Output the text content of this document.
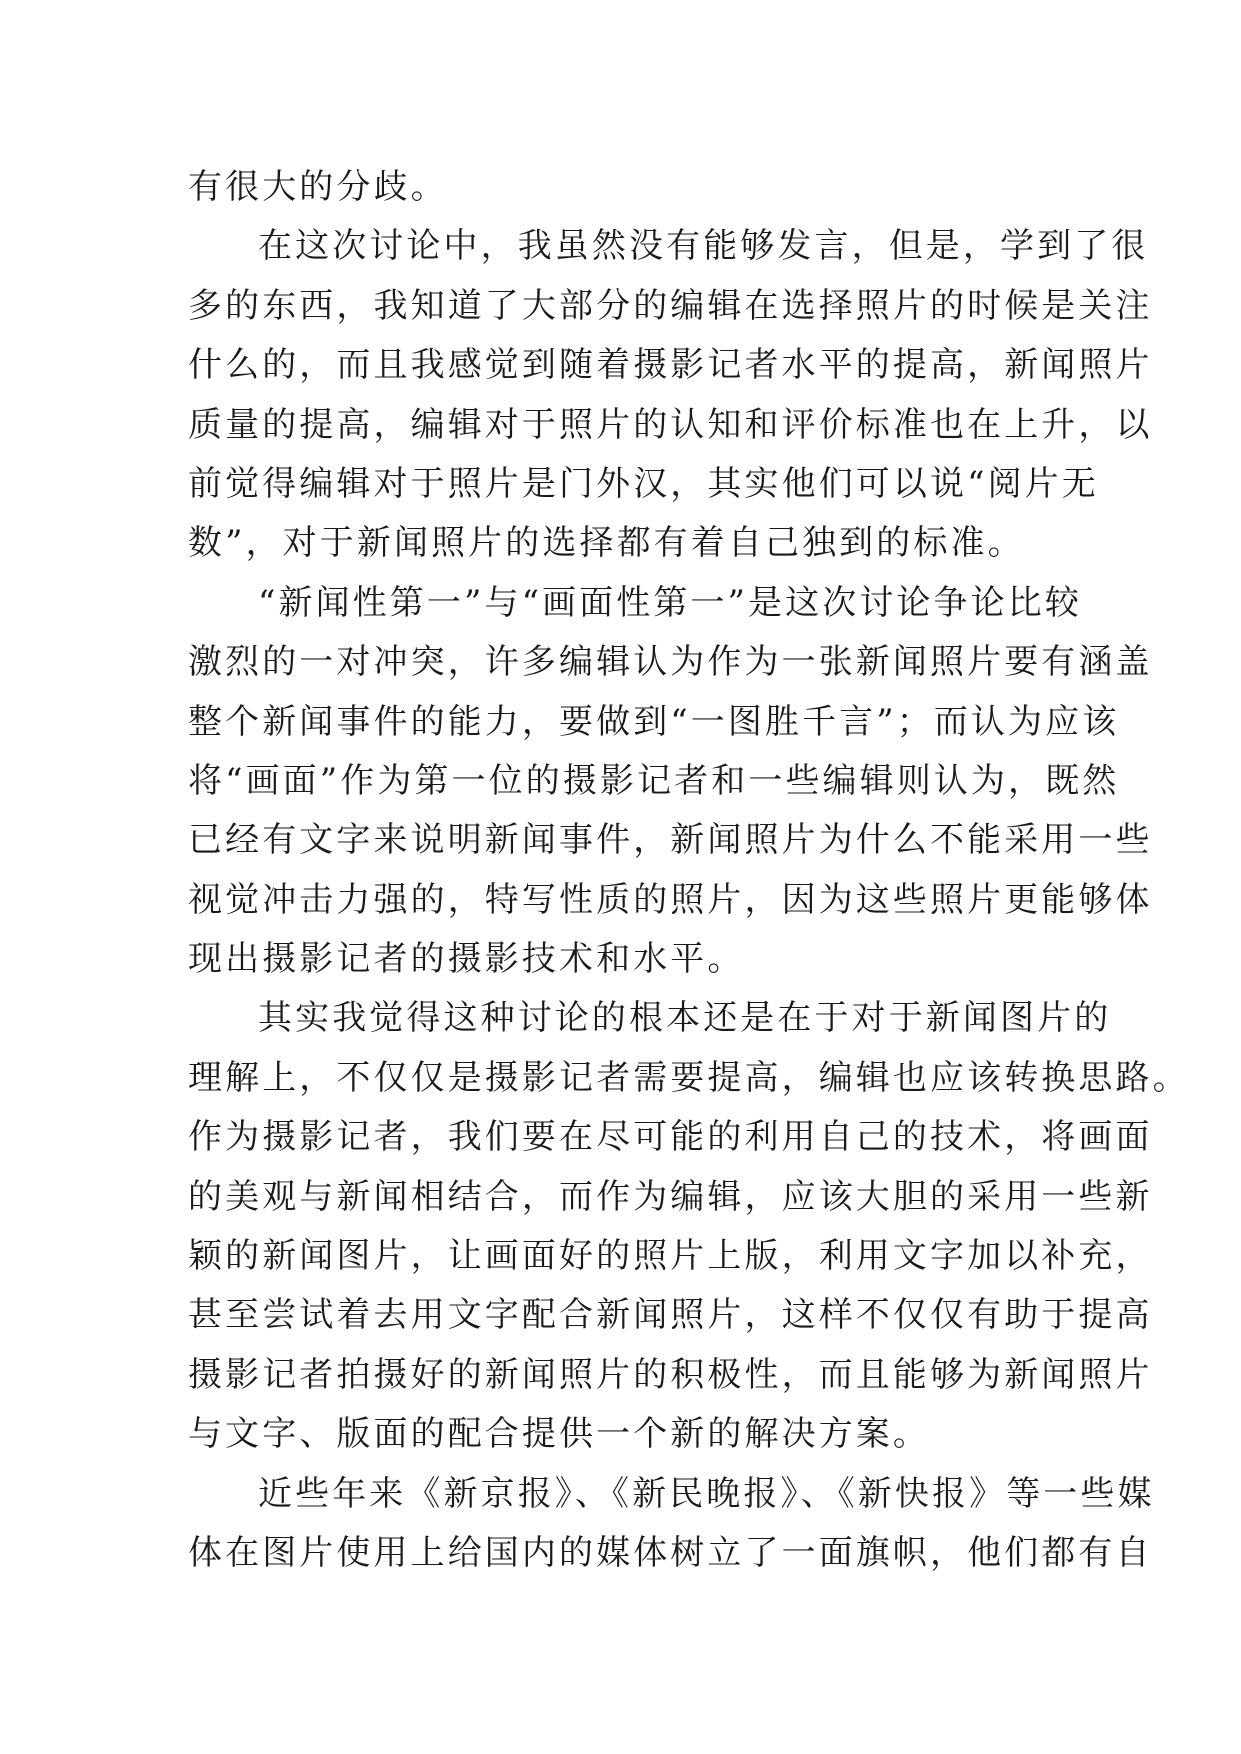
有很大的分歧。
在这次讨论中，我虽然没有能够发言，但是，学到了很
多的东西，我知道了大部分的编辑在选择照片的时候是关注
什么的，而且我感觉到随着摄影记者水平的提高，新闻照片
质量的提高，编辑对于照片的认知和评价标准也在上升，以
前觉得编辑对于照片是门外汉，其实他们可以说“阅片无
数”，对于新闻照片的选择都有着自己独到的标准。
“新闻性第一”与“画面性第一”是这次讨论争论比较
激烈的一对冲突，许多编辑认为作为一张新闻照片要有涵盖
整个新闻事件的能力，要做到“一图胜千言”；而认为应该
将“画面”作为第一位的摄影记者和一些编辑则认为，既然
已经有文字来说明新闻事件，新闻照片为什么不能采用一些
视觉冲击力强的，特写性质的照片，因为这些照片更能够体
现出摄影记者的摄影技术和水平。
其实我觉得这种讨论的根本还是在于对于新闻图片的
理解上，不仅仅是摄影记者需要提高，编辑也应该转换思路。
作为摄影记者，我们要在尽可能的利用自己的技术，将画面
的美观与新闻相结合，而作为编辑，应该大胆的采用一些新
颖的新闻图片，让画面好的照片上版，利用文字加以补充，
甚至尝试着去用文字配合新闻照片，这样不仅仅有助于提高
摄影记者拍摄好的新闻照片的积极性，而且能够为新闻照片
与文字、版面的配合提供一个新的解决方案。
近些年来《新京报》、《新民晚报》、《新快报》等一些媒
体在图片使用上给国内的媒体树立了一面旗帜，他们都有自
